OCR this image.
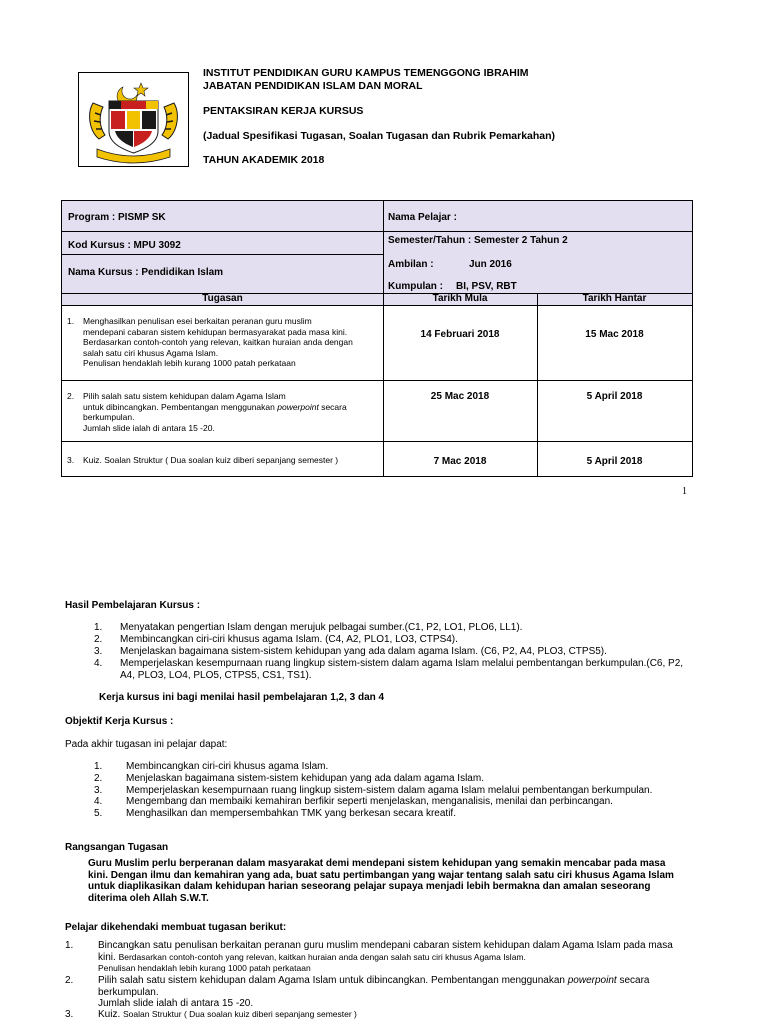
INSTITUT PENDIDIKAN GURU KAMPUS TEMENGGONG IBRAHIM
JABATAN PENDIDIKAN ISLAM DAN MORAL
PENTAKSIRAN KERJA KURSUS
(Jadual Spesifikasi Tugasan, Soalan Tugasan dan Rubrik Pemarkahan)
TAHUN AKADEMIK 2018
Program : PISMP SK	Nama Pelajar :
Kod Kursus : MPU 3092	Semester/Tahun : Semester 2 Tahun 2
Nama Kursus : Pendidikan Islam
Ambilan :	Jun 2016
Kumpulan : BI, PSV, RBT
Tugasan	Tarikh Mula	Tarikh Hantar
1. Menghasilkan penulisan esei berkaitan peranan guru muslim
mendepani cabaran sistem kehidupan bermasyarakat pada masa kini.
Berdasarkan contoh-contoh yang relevan, kaitkan huraian anda dengan
salah satu ciri khusus Agama Islam.
Penulisan hendaklah lebih kurang 1000 patah perkataan
14 Februari 2018	15 Mac 2018
2. Pilih salah satu sistem kehidupan dalam Agama Islam
untuk dibincangkan. Pembentangan menggunakan powerpoint secara
berkumpulan.
Jumlah slide ialah di antara 15 -20.
25 Mac 2018	5 April 2018
3. Kuiz. Soalan Struktur ( Dua soalan kuiz diberi sepanjang semester )	7 Mac 2018	5 April 2018
1
Hasil Pembelajaran Kursus :
1. Menyatakan pengertian Islam dengan merujuk pelbagai sumber.(C1, P2, LO1, PLO6, LL1).
2. Membincangkan ciri-ciri khusus agama Islam. (C4, A2, PLO1, LO3, CTPS4).
3. Menjelaskan bagaimana sistem-sistem kehidupan yang ada dalam agama Islam. (C6, P2, A4, PLO3, CTPS5).
4. Memperjelaskan kesempurnaan ruang lingkup sistem-sistem dalam agama Islam melalui pembentangan berkumpulan.(C6, P2,
A4, PLO3, LO4, PLO5, CTPS5, CS1, TS1).
Kerja kursus ini bagi menilai hasil pembelajaran 1,2, 3 dan 4
Objektif Kerja Kursus :
Pada akhir tugasan ini pelajar dapat:
1. Membincangkan ciri-ciri khusus agama Islam.
2. Menjelaskan bagaimana sistem-sistem kehidupan yang ada dalam agama Islam.
3. Memperjelaskan kesempurnaan ruang lingkup sistem-sistem dalam agama Islam melalui pembentangan berkumpulan.
4. Mengembang dan membaiki kemahiran berfikir seperti menjelaskan, menganalisis, menilai dan perbincangan.
5. Menghasilkan dan mempersembahkan TMK yang berkesan secara kreatif.
Rangsangan Tugasan
Guru Muslim perlu berperanan dalam masyarakat demi mendepani sistem kehidupan yang semakin mencabar pada masa
kini. Dengan ilmu dan kemahiran yang ada, buat satu pertimbangan yang wajar tentang salah satu ciri khusus Agama Islam
untuk diaplikasikan dalam kehidupan harian seseorang pelajar supaya menjadi lebih bermakna dan amalan seseorang
diterima oleh Allah S.W.T.
Pelajar dikehendaki membuat tugasan berikut:
1. Bincangkan satu penulisan berkaitan peranan guru muslim mendepani cabaran sistem kehidupan dalam Agama Islam pada masa
kini. Berdasarkan contoh-contoh yang relevan, kaitkan huraian anda dengan salah satu ciri khusus Agama Islam.
Penulisan hendaklah lebih kurang 1000 patah perkataan
2. Pilih salah satu sistem kehidupan dalam Agama Islam untuk dibincangkan. Pembentangan menggunakan powerpoint secara
berkumpulan.
Jumlah slide ialah di antara 15 -20.
3. Kuiz. Soalan Struktur ( Dua soalan kuiz diberi sepanjang semester )
